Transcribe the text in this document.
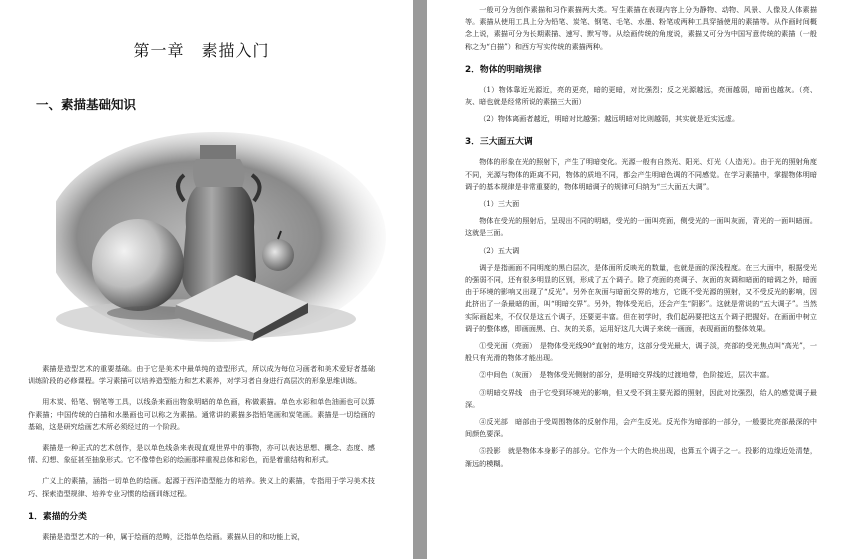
第一章　素描入门
一、素描基础知识

素描是造型艺术的重要基础。由于它是美术中最单纯的造型形式，所以成为每位习画者和美术爱好者基础训练阶段的必修课程。学习素描可以培养造型能力和艺术素养，对学习者自身进行高层次的形象思维训练。

用木炭、铅笔、钢笔等工具，以线条来画出物象明暗的单色画，称做素描。单色水彩和单色油画也可以算作素描；中国传统的白描和水墨画也可以称之为素描。通常讲的素描多指铅笔画和炭笔画。素描是一切绘画的基础，这是研究绘画艺术所必须经过的一个阶段。

素描是一种正式的艺术创作，是以单色线条来表现直观世界中的事物，亦可以表达思想、概念、态度、感情、幻想、象征甚至抽象形式。它不像带色彩的绘画那样重视总体和彩色，而是着重结构和形式。

广义上的素描，涵指一切单色的绘画。起源于西洋造型能力的培养。狭义上的素描，专指用于学习美术技巧、探索造型规律、培养专业习惯的绘画训练过程。

1．素描的分类

素描是造型艺术的一种，属于绘画的范畴，泛指单色绘画。素描从目的和功能上说，

一般可分为创作素描和习作素描两大类。写生素描在表现内容上分为静物、动物、风景、人像及人体素描等。素描从使用工具上分为铅笔、炭笔、钢笔、毛笔、水墨、粉笔或两种工具穿插使用的素描等。从作画时间概念上说，素描可分为长期素描、速写、默写等。从绘画传统的角度说，素描又可分为中国写意传统的素描（一般称之为“白描”）和西方写实传统的素描两种。

2．物体的明暗规律

（1）物体靠近光源近，亮的更亮，暗的更暗，对比强烈；反之光源越远，亮面越弱，暗面也越灰。（亮、灰、暗也就是经常所说的素描三大面）

（2）物体离画者越近，明暗对比越强；越远明暗对比则越弱，其实就是近实远虚。

3．三大面五大调

物体的形象在光的照射下，产生了明暗变化。光源一般有自然光、阳光、灯光（人造光）。由于光的照射角度不同，光源与物体的距离不同，物体的质地不同，都会产生明暗色调的不同感觉。在学习素描中，掌握物体明暗调子的基本规律是非常重要的，物体明暗调子的规律可归纳为“三大面五大调”。

（1）三大面

物体在受光的照射后，呈现出不同的明暗，受光的一面叫亮面，侧受光的一面叫灰面，背光的一面叫暗面。这就是三面。

（2）五大调

调子是指画面不同明度的黑白层次，是体面所反映光的数量，也就是面的深浅程度。在三大面中，根据受光的强弱不同，还有很多明显的区别，形成了五个调子。除了亮面的亮调子、灰面的灰调和暗面的暗调之外，暗面由于环境的影响又出现了“反光”。另外在灰面与暗面交界的地方，它既不受光源的照射，又不受反光的影响，因此挤出了一条最暗的面，叫“明暗交界”。另外，物体受光后，还会产生“阴影”。这就是常说的“五大调子”。当然实际画起来，不仅仅是这五个调子，还要更丰富。但在初学时，我们起码要把这五个调子把握好。在画面中树立调子的整体感，即画面黑、白、灰的关系，运用好这几大调子来统一画面，表现画面的整体效果。

①受光面（亮面）　是物体受光线90°直射的地方，这部分受光最大，调子淡，亮部的受光焦点叫“高光”，一般只有光滑的物体才能出现。

②中间色（灰面）　是物体受光侧射的部分，是明暗交界线的过渡地带，色阶接近，层次丰富。

③明暗交界线　由于它受到环境光的影响，但又受不到主要光源的照射，因此对比强烈，给人的感觉调子最深。

④反光部　暗部由于受周围物体的反射作用，会产生反光。反光作为暗部的一部分，一般要比亮部最深的中间颜色要深。

⑤投影　就是物体本身影子的部分。它作为一个大的色块出现，也算五个调子之一。投影的边缘近处清楚，渐远的模糊。
